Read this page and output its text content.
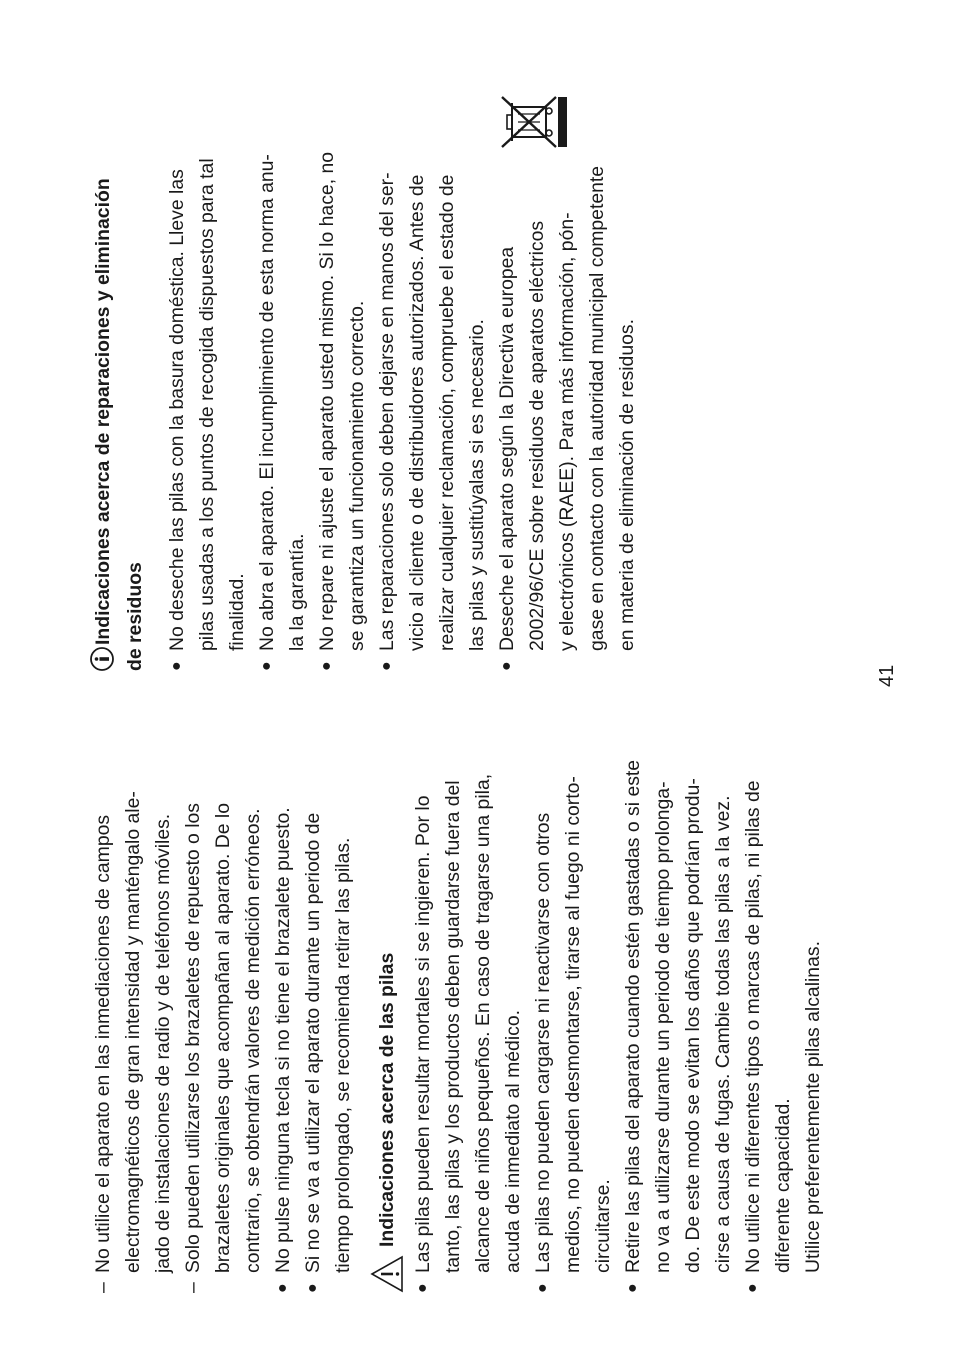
–

No utilice el aparato en las inmediaciones de campos electromagnéticos de gran intensidad y manténgalo ale- jado de instalaciones de radio y de teléfonos móviles.

–

Solo pueden utilizarse los brazaletes de repuesto o los brazaletes originales que acompañan al aparato. De lo contrario, se obtendrán valores de medición erróneos.

●

No pulse ninguna tecla si no tiene el brazalete puesto.

●

Si no se va a utilizar el aparato durante un periodo de tiempo prolongado, se recomienda retirar las pilas.	Indicaciones acerca de las pilas
●

Las pilas pueden resultar mortales si se ingieren. Por lo tanto, las pilas y los productos deben guardarse fuera del alcance de niños pequeños. En caso de tragarse una pila, acuda de inmediato al médico.

●

Las pilas no pueden cargarse ni reactivarse con otros medios, no pueden desmontarse, tirarse al fuego ni corto- circuitarse.

●

Retire las pilas del aparato cuando estén gastadas o si este no va a utilizarse durante un periodo de tiempo prolonga- do. De este modo se evitan los daños que podrían produ- cirse a causa de fugas. Cambie todas las pilas a la vez.

●

No utilice ni diferentes tipos o marcas de pilas, ni pilas de diferente capacidad. Utilice preferentemente pilas alcalinas.

Indicaciones acerca de reparaciones y eliminación de residuos	●

No deseche las pilas con la basura doméstica. Lleve las pilas usadas a los puntos de recogida dispuestos para tal finalidad.

●

No abra el aparato. El incumplimiento de esta norma anu- la la garantía.

●

No repare ni ajuste el aparato usted mismo. Si lo hace, no se garantiza un funcionamiento correcto.

●

Las reparaciones solo deben dejarse en manos del ser- vicio al cliente o de distribuidores autorizados. Antes de realizar cualquier reclamación, compruebe el estado de las pilas y sustitúyalas si es necesario.

●

Deseche el aparato según la Directiva europea 2002/96/CE sobre residuos de aparatos eléctricos y electrónicos (RAEE). Para más información, pón- gase en contacto con la autoridad municipal competente en materia de eliminación de residuos.

41
